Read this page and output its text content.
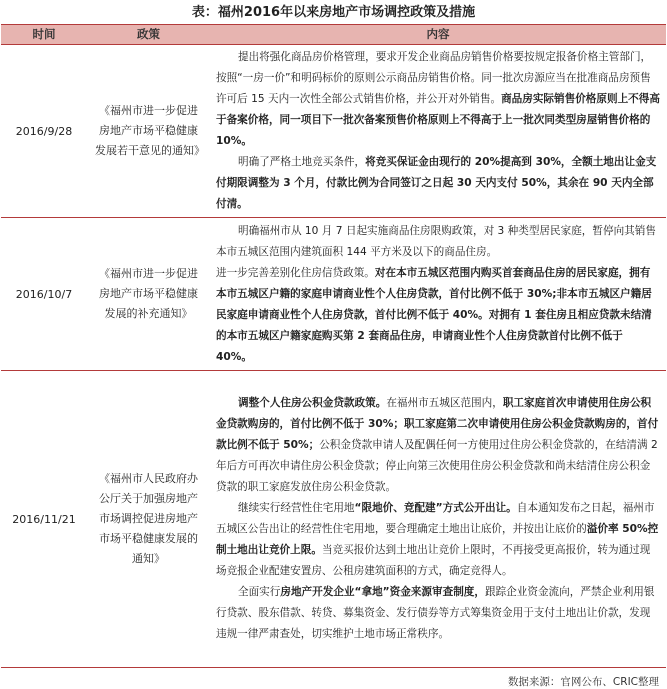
表：福州2016年以来房地产市场调控政策及措施
时间	政策	内容
2016/9/28	《福州市进一步促进房地产市场平稳健康发展若干意见的通知》	提出将强化商品房价格管理，要求开发企业商品房销售价格要按规定报备价格主管部门，按照“一房一价”和明码标价的原则公示商品房销售价格。同一批次房源应当在批准商品房预售许可后 15 天内一次性全部公式销售价格，并公开对外销售。商品房实际销售价格原则上不得高于备案价格，同一项目下一批次备案预售价格原则上不得高于上一批次同类型房屋销售价格的 10%。

明确了严格土地竞买条件，将竞买保证金由现行的 20%提高到 30%，全额土地出让金支付期限调整为 3 个月，付款比例为合同签订之日起 30 天内支付 50%，其余在 90 天内全部付清。

2016/10/7	《福州市进一步促进房地产市场平稳健康发展的补充通知》	明确福州市从 10 月 7 日起实施商品住房限购政策，对 3 种类型居民家庭，暂停向其销售本市五城区范围内建筑面积 144 平方米及以下的商品住房。

进一步完善差别化住房信贷政策。对在本市五城区范围内购买首套商品住房的居民家庭，拥有本市五城区户籍的家庭申请商业性个人住房贷款，首付比例不低于 30%;非本市五城区户籍居民家庭申请商业性个人住房贷款，首付比例不低于 40%。对拥有 1 套住房且相应贷款未结清的本市五城区户籍家庭购买第 2 套商品住房，申请商业性个人住房贷款首付比例不低于 40%。

2016/11/21	《福州市人民政府办公厅关于加强房地产市场调控促进房地产市场平稳健康发展的通知》	调整个人住房公积金贷款政策。在福州市五城区范围内，职工家庭首次申请使用住房公积金贷款购房的，首付比例不低于 30%；职工家庭第二次申请使用住房公积金贷款购房的，首付款比例不低于 50%；公积金贷款申请人及配偶任何一方使用过住房公积金贷款的，在结清满 2 年后方可再次申请住房公积金贷款；停止向第三次使用住房公积金贷款和尚未结清住房公积金贷款的职工家庭发放住房公积金贷款。

继续实行经营性住宅用地“限地价、竞配建”方式公开出让。自本通知发布之日起，福州市五城区公告出让的经营性住宅用地，要合理确定土地出让底价，并按出让底价的溢价率 50%控制土地出让竞价上限。当竞买报价达到土地出让竞价上限时，不再接受更高报价，转为通过现场竞报企业配建安置房、公租房建筑面积的方式，确定竞得人。

全面实行房地产开发企业“拿地”资金来源审查制度，跟踪企业资金流向，严禁企业利用银行贷款、股东借款、转贷、募集资金、发行债券等方式筹集资金用于支付土地出让价款，发现违规一律严肃查处，切实维护土地市场正常秩序。

数据来源：官网公布、CRIC整理
